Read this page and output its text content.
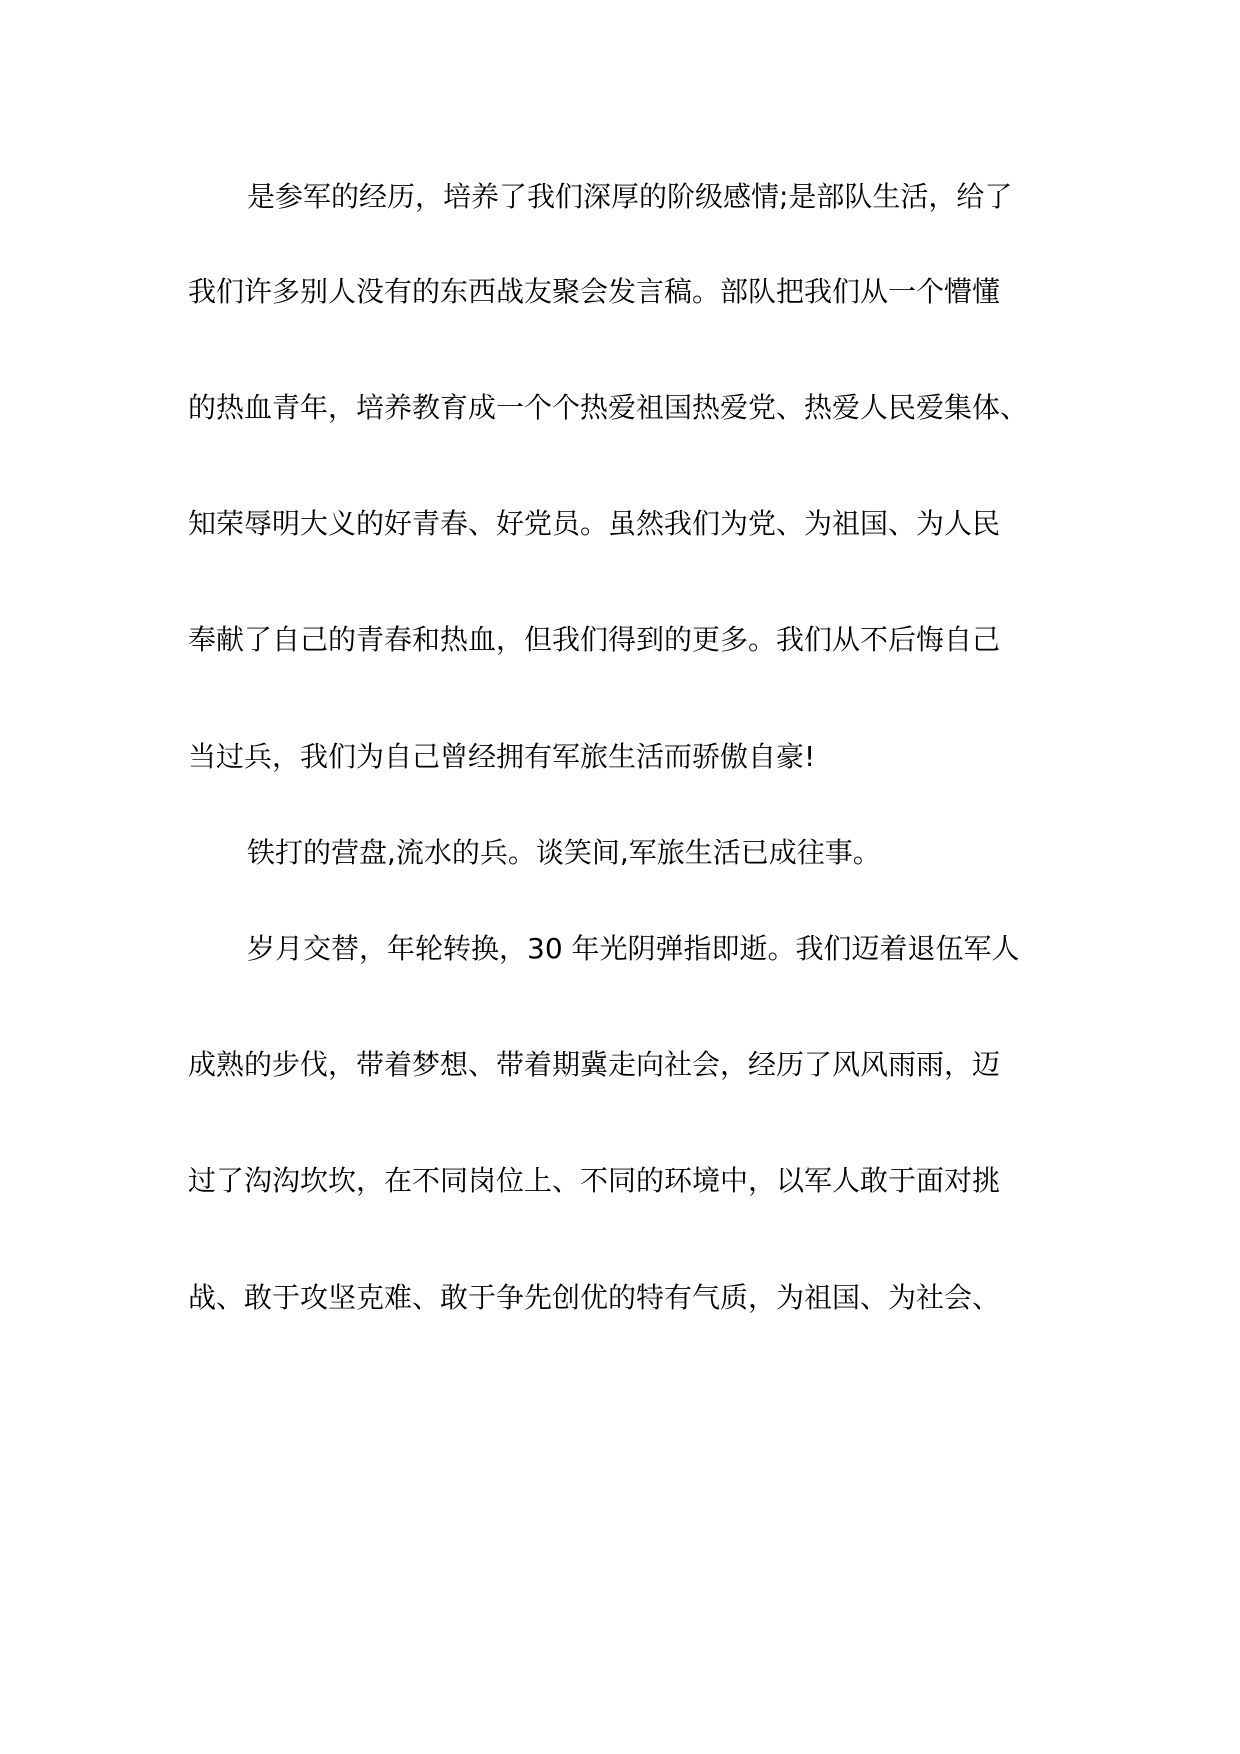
是参军的经历，培养了我们深厚的阶级感情;是部队生活，给了

我们许多别人没有的东西战友聚会发言稿。部队把我们从一个懵懂

的热血青年，培养教育成一个个热爱祖国热爱党、热爱人民爱集体、

知荣辱明大义的好青春、好党员。虽然我们为党、为祖国、为人民

奉献了自己的青春和热血，但我们得到的更多。我们从不后悔自己

当过兵，我们为自己曾经拥有军旅生活而骄傲自豪!

铁打的营盘,流水的兵。谈笑间,军旅生活已成往事。

岁月交替，年轮转换，30 年光阴弹指即逝。我们迈着退伍军人

成熟的步伐，带着梦想、带着期冀走向社会，经历了风风雨雨，迈

过了沟沟坎坎，在不同岗位上、不同的环境中，以军人敢于面对挑

战、敢于攻坚克难、敢于争先创优的特有气质，为祖国、为社会、
